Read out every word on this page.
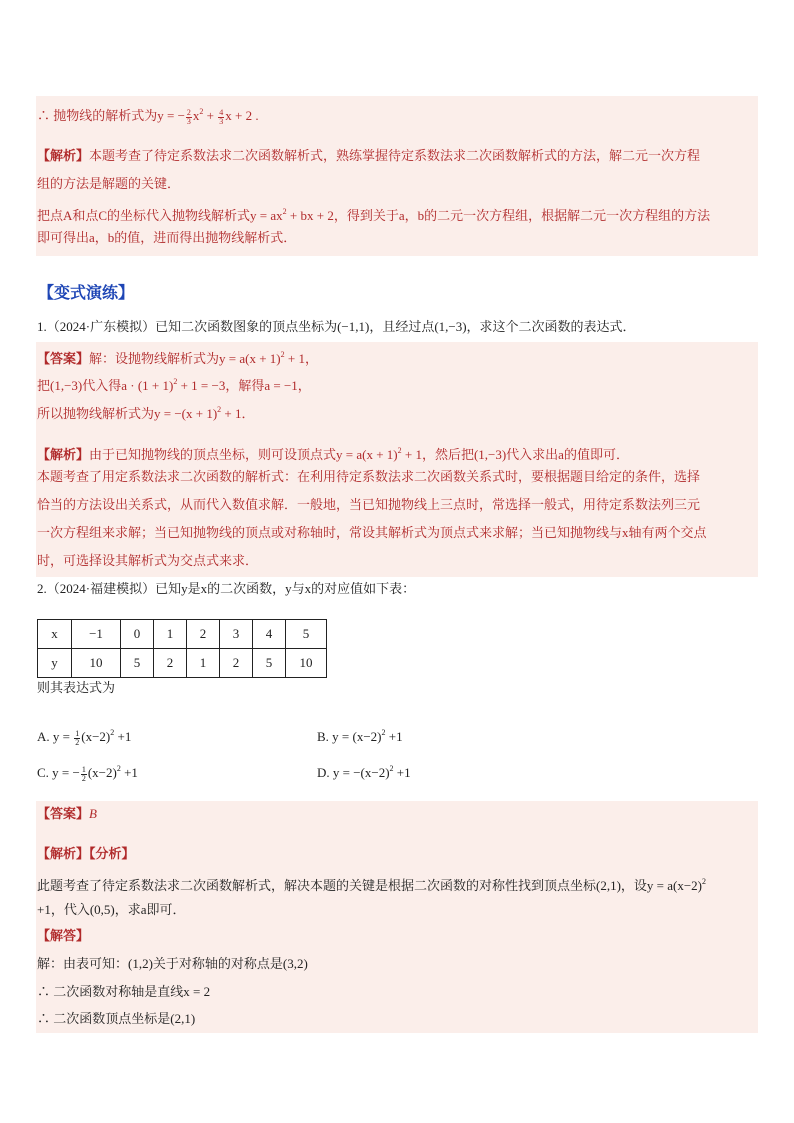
∴ 抛物线的解析式为y = − $\frac{2}{3} x^2 + \frac{4}{3}$ x + 2 .
【解析】本题考查了待定系数法求二次函数解析式，熟练掌握待定系数法求二次函数解析式的方法，解二元一次方程
组的方法是解题的关键．
把点A和点C的坐标代入抛物线解析式$y = ax^2$ + bx + 2，得到关于a，b的二元一次方程组，根据解二元一次方程组的方法
即可得出a，b的值，进而得出抛物线解析式．
【变式演练】
1.（2024·广东模拟）已知二次函数图象的顶点坐标为(−1,1)，且经过点(1,−3)，求这个二次函数的表达式．
【答案】解：设抛物线解析式为$y = a(x + 1)^2 + 1$，
把(1,−3)代入得$a \cdot (1 + 1)^2 + 1 = -3$，解得a = −1，
所以抛物线解析式为$y = -(x + 1)^2 + 1$．
【解析】由于已知抛物线的顶点坐标，则可设顶点式$y = a(x + 1)^2 + 1$，然后把(1,−3)代入求出a的值即可．
本题考查了用定系数法求二次函数的解析式：在利用待定系数法求二次函数关系式时，要根据题目给定的条件，选择
恰当的方法设出关系式，从而代入数值求解．一般地，当已知抛物线上三点时，常选择一般式，用待定系数法列三元
一次方程组来求解；当已知抛物线的顶点或对称轴时，常设其解析式为顶点式来求解；当已知抛物线与x轴有两个交点
时，可选择设其解析式为交点式来求．
2.（2024·福建模拟）已知y是x的二次函数，y与x的对应值如下表：
x	−1	0	1	2	3	4	5
y	10	5	2	1	2	5	10
则其表达式为
A. $y = \frac{1}{2} (x-2)^2 +1$	B. $y = (x-2)^2 +1$
C. y = − $\frac{1}{2} (x-2)^2 +1$	D. $y = -(x-2)^2 +1$
【答案】B
【解析】【分析】
此题考查了待定系数法求二次函数解析式，解决本题的关键是根据二次函数的对称性找到顶点坐标(2,1)，设$y = a(x-2)^2$
+1，代入(0,5)，求a即可．
【解答】
解：由表可知：(1,2)关于对称轴的对称点是(3,2)
∴ 二次函数对称轴是直线x = 2
∴ 二次函数顶点坐标是(2,1)
